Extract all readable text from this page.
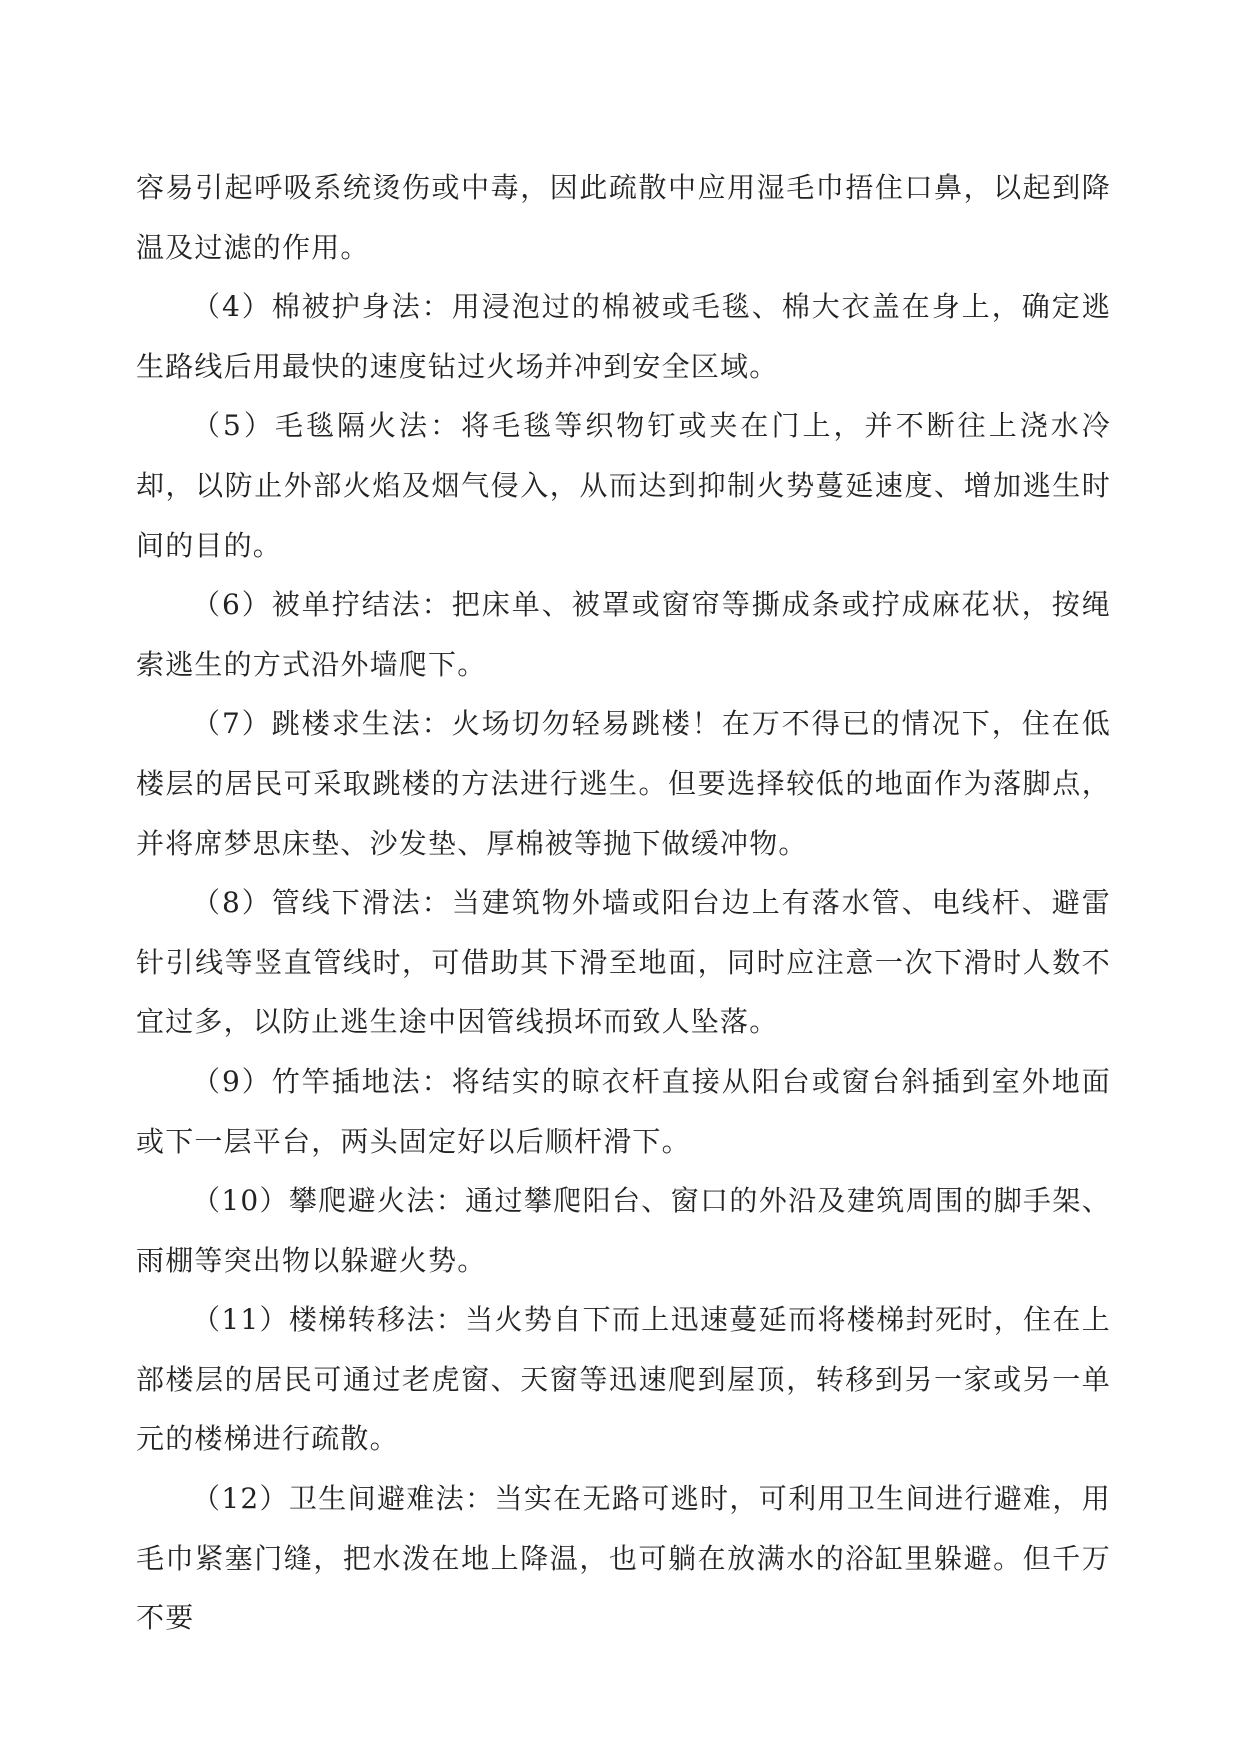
容易引起呼吸系统烫伤或中毒，因此疏散中应用湿毛巾捂住口鼻，以起到降温及过滤的作用。

（4）棉被护身法：用浸泡过的棉被或毛毯、棉大衣盖在身上，确定逃生路线后用最快的速度钻过火场并冲到安全区域。

（5）毛毯隔火法：将毛毯等织物钉或夹在门上，并不断往上浇水冷却，以防止外部火焰及烟气侵入，从而达到抑制火势蔓延速度、增加逃生时间的目的。

（6）被单拧结法：把床单、被罩或窗帘等撕成条或拧成麻花状，按绳索逃生的方式沿外墙爬下。

（7）跳楼求生法：火场切勿轻易跳楼！在万不得已的情况下，住在低楼层的居民可采取跳楼的方法进行逃生。但要选择较低的地面作为落脚点，并将席梦思床垫、沙发垫、厚棉被等抛下做缓冲物。

（8）管线下滑法：当建筑物外墙或阳台边上有落水管、电线杆、避雷针引线等竖直管线时，可借助其下滑至地面，同时应注意一次下滑时人数不宜过多，以防止逃生途中因管线损坏而致人坠落。

（9）竹竿插地法：将结实的晾衣杆直接从阳台或窗台斜插到室外地面或下一层平台，两头固定好以后顺杆滑下。

（10）攀爬避火法：通过攀爬阳台、窗口的外沿及建筑周围的脚手架、雨棚等突出物以躲避火势。

（11）楼梯转移法：当火势自下而上迅速蔓延而将楼梯封死时，住在上部楼层的居民可通过老虎窗、天窗等迅速爬到屋顶，转移到另一家或另一单元的楼梯进行疏散。

（12）卫生间避难法：当实在无路可逃时，可利用卫生间进行避难，用毛巾紧塞门缝，把水泼在地上降温，也可躺在放满水的浴缸里躲避。但千万不要
